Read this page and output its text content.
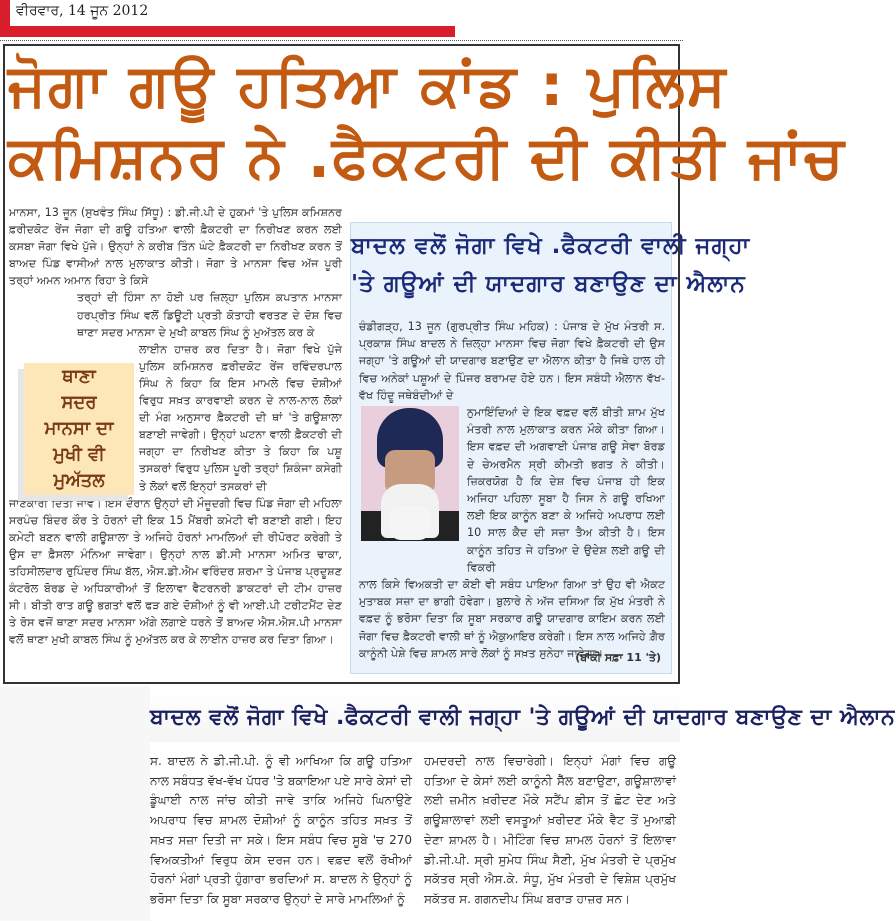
ਵੀਰਵਾਰ, 14 ਜੂਨ 2012
ਜੋਗਾ ਗਊ ਹਤਿਆ ਕਾਂਡ : ਪੁਲਿਸ
ਕਮਿਸ਼ਨਰ ਨੇ .ਫੈਕਟਰੀ ਦੀ ਕੀਤੀ ਜਾਂਚ

ਮਾਨਸਾ, 13 ਜੂਨ (ਸੁਖਵੰਤ ਸਿੰਘ ਸਿੱਧੂ) : ਡੀ.ਜੀ.ਪੀ ਦੇ ਹੁਕਮਾਂ 'ਤੇ ਪੁਲਿਸ ਕਮਿਸ਼ਨਰ ਫ਼ਰੀਦਕੋਟ ਰੇਂਜ ਜੋਗਾ ਦੀ ਗਊ ਹਤਿਆ ਵਾਲੀ ਫ਼ੈਕਟਰੀ ਦਾ ਨਿਰੀਖਣ ਕਰਨ ਲਈ ਕਸਬਾ ਜੋਗਾ ਵਿਖੇ ਪੁੱਜੇ। ਉਨ੍ਹਾਂ ਨੇ ਕਰੀਬ ਤਿੰਨ ਘੰਟੇ ਫ਼ੈਕਟਰੀ ਦਾ ਨਿਰੀਖਣ ਕਰਨ ਤੋਂ ਬਾਅਦ ਪਿੰਡ ਵਾਸੀਆਂ ਨਾਲ ਮੁਲਾਕਾਤ ਕੀਤੀ। ਜੋਗਾ ਤੇ ਮਾਨਸਾ ਵਿਚ ਅੱਜ ਪੂਰੀ ਤਰ੍ਹਾਂ ਅਮਨ ਅਮਾਨ ਰਿਹਾ ਤੇ ਕਿਸੇ

ਤਰ੍ਹਾਂ ਦੀ ਹਿੰਸਾ ਨਾ ਹੋਈ ਪਰ ਜ਼ਿਲ੍ਹਾ ਪੁਲਿਸ ਕਪਤਾਨ ਮਾਨਸਾ ਹਰਪ੍ਰੀਤ ਸਿੰਘ ਵਲੋਂ ਡਿਊਟੀ ਪ੍ਰਤੀ ਕੋਤਾਹੀ ਵਰਤਣ ਦੇ ਦੋਸ਼ ਵਿਚ ਥਾਣਾ ਸਦਰ ਮਾਨਸਾ ਦੇ ਮੁਖੀ ਕਾਬਲ ਸਿੰਘ ਨੂੰ ਮੁਅੱਤਲ ਕਰ ਕੇ

ਲਾਈਨ ਹਾਜ਼ਰ ਕਰ ਦਿਤਾ ਹੈ। ਜੋਗਾ ਵਿਖੇ ਪੁੱਜੇ ਪੁਲਿਸ ਕਮਿਸ਼ਨਰ ਫ਼ਰੀਦਕੋਟ ਰੇਂਜ ਰਵਿੰਦਰਪਾਲ ਸਿੰਘ ਨੇ ਕਿਹਾ ਕਿ ਇਸ ਮਾਮਲੇ ਵਿਚ ਦੋਸ਼ੀਆਂ ਵਿਰੁਧ ਸਖ਼ਤ ਕਾਰਵਾਈ ਕਰਨ ਦੇ ਨਾਲ-ਨਾਲ ਲੋਕਾਂ ਦੀ ਮੰਗ ਅਨੁਸਾਰ ਫ਼ੈਕਟਰੀ ਦੀ ਥਾਂ 'ਤੇ ਗਊਸ਼ਾਲਾ ਬਣਾਈ ਜਾਵੇਗੀ। ਉਨ੍ਹਾਂ ਘਟਨਾ ਵਾਲੀ ਫ਼ੈਕਟਰੀ ਦੀ ਜਗ੍ਹਾ ਦਾ ਨਿਰੀਖਣ ਕੀਤਾ ਤੇ ਕਿਹਾ ਕਿ ਪਸ਼ੂ ਤਸਕਰਾਂ ਵਿਰੁਧ ਪੁਲਿਸ ਪੂਰੀ ਤਰ੍ਹਾਂ ਸ਼ਿਕੰਜਾ ਕਸੇਗੀ ਤੇ ਲੋਕਾਂ ਵਲੋਂ ਇਨ੍ਹਾਂ ਤਸਕਰਾਂ ਦੀ

ਜਾਣਕਾਰੀ ਦਿਤੀ ਜਾਵੇ। ਇਸ ਦੌਰਾਨ ਉਨ੍ਹਾਂ ਦੀ ਮੌਜੂਦਗੀ ਵਿਚ ਪਿੰਡ ਜੋਗਾ ਦੀ ਮਹਿਲਾ ਸਰਪੰਚ ਬਿੰਦਰ ਕੌਰ ਤੇ ਹੋਰਨਾਂ ਦੀ ਇਕ 15 ਮੈਂਬਰੀ ਕਮੇਟੀ ਵੀ ਬਣਾਈ ਗਈ। ਇਹ ਕਮੇਟੀ ਬਣਨ ਵਾਲੀ ਗਊਸ਼ਾਲਾ ਤੇ ਅਜਿਹੇ ਹੋਰਨਾਂ ਮਾਮਲਿਆਂ ਦੀ ਰੀਪੋਰਟ ਕਰੇਗੀ ਤੇ ਉਸ ਦਾ ਫ਼ੈਸਲਾ ਮੰਨਿਆ ਜਾਵੇਗਾ। ਉਨ੍ਹਾਂ ਨਾਲ ਡੀ.ਸੀ ਮਾਨਸਾ ਅਮਿਤ ਢਾਕਾ, ਤਹਿਸੀਲਦਾਰ ਰੁਪਿੰਦਰ ਸਿੰਘ ਬੱਲ, ਐਸ.ਡੀ.ਐਮ ਵਰਿੰਦਰ ਸ਼ਰਮਾ ਤੇ ਪੰਜਾਬ ਪ੍ਰਦੂਸ਼ਣ ਕੰਟਰੋਲ ਬੋਰਡ ਦੇ ਅਧਿਕਾਰੀਆਂ ਤੋਂ ਇਲਾਵਾ ਵੈਟਰਨਰੀ ਡਾਕਟਰਾਂ ਦੀ ਟੀਮ ਹਾਜ਼ਰ ਸੀ। ਬੀਤੀ ਰਾਤ ਗਊ ਭਗਤਾਂ ਵਲੋਂ ਫੜ ਗਏ ਦੋਸ਼ੀਆਂ ਨੂੰ ਵੀ ਆਈ.ਪੀ ਟਰੀਟਮੈਂਟ ਦੇਣ ਤੇ ਰੋਸ ਵਜੋਂ ਥਾਣਾ ਸਦਰ ਮਾਨਸਾ ਅੱਗੇ ਲਗਾਏ ਧਰਨੇ ਤੋਂ ਬਾਅਦ ਐਸ.ਐਸ.ਪੀ ਮਾਨਸਾ ਵਲੋਂ ਥਾਣਾ ਮੁਖੀ ਕਾਬਲ ਸਿੰਘ ਨੂੰ ਮੁਅੱਤਲ ਕਰ ਕੇ ਲਾਈਨ ਹਾਜ਼ਰ ਕਰ ਦਿਤਾ ਗਿਆ।

ਥਾਣਾ
ਸਦਰ
ਮਾਨਸਾ ਦਾ
ਮੁਖੀ ਵੀ
ਮੁਅੱਤਲ
ਬਾਦਲ ਵਲੋਂ ਜੋਗਾ ਵਿਖੇ .ਫੈਕਟਰੀ ਵਾਲੀ ਜਗ੍ਹਾ
'ਤੇ ਗਊਆਂ ਦੀ ਯਾਦਗਾਰ ਬਣਾਉਣ ਦਾ ਐਲਾਨ

ਚੰਡੀਗੜ੍ਹ, 13 ਜੂਨ (ਗੁਰਪ੍ਰੀਤ ਸਿੰਘ ਮਹਿਕ) : ਪੰਜਾਬ ਦੇ ਮੁੱਖ ਮੰਤਰੀ ਸ. ਪ੍ਰਕਾਸ਼ ਸਿੰਘ ਬਾਦਲ ਨੇ ਜ਼ਿਲ੍ਹਾ ਮਾਨਸਾ ਵਿਚ ਜੋਗਾ ਵਿਖੇ ਫ਼ੈਕਟਰੀ ਦੀ ਉਸ ਜਗ੍ਹਾ 'ਤੇ ਗਊਆਂ ਦੀ ਯਾਦਗਾਰ ਬਣਾਉਣ ਦਾ ਐਲਾਨ ਕੀਤਾ ਹੈ ਜਿਥੇ ਹਾਲ ਹੀ ਵਿਚ ਅਨੇਕਾਂ ਪਸ਼ੂਆਂ ਦੇ ਪਿੰਜਰ ਬਰਾਮਦ ਹੋਏ ਹਨ। ਇਸ ਸਬੰਧੀ ਐਲਾਨ ਵੱਖ-ਵੱਖ ਹਿੰਦੂ ਜਥੇਬੰਦੀਆਂ ਦੇ

ਨੁਮਾਇੰਦਿਆਂ ਦੇ ਇਕ ਵਫ਼ਦ ਵਲੋਂ ਬੀਤੀ ਸ਼ਾਮ ਮੁੱਖ ਮੰਤਰੀ ਨਾਲ ਮੁਲਾਕਾਤ ਕਰਨ ਮੌਕੇ ਕੀਤਾ ਗਿਆ। ਇਸ ਵਫ਼ਦ ਦੀ ਅਗਵਾਈ ਪੰਜਾਬ ਗਊ ਸੇਵਾ ਬੋਰਡ ਦੇ ਚੇਅਰਮੈਨ ਸ੍ਰੀ ਕੀਮਤੀ ਭਗਤ ਨੇ ਕੀਤੀ। ਜ਼ਿਕਰਯੋਗ ਹੈ ਕਿ ਦੇਸ਼ ਵਿਚ ਪੰਜਾਬ ਹੀ ਇਕ ਅਜਿਹਾ ਪਹਿਲਾ ਸੂਬਾ ਹੈ ਜਿਸ ਨੇ ਗਊ ਰਖਿਆ ਲਈ ਇਕ ਕਾਨੂੰਨ ਬਣਾ ਕੇ ਅਜਿਹੇ ਅਪਰਾਧ ਲਈ 10 ਸਾਲ ਕੈਦ ਦੀ ਸਜ਼ਾ ਤੈਅ ਕੀਤੀ ਹੈ। ਇਸ ਕਾਨੂੰਨ ਤਹਿਤ ਜੇ ਹਤਿਆ ਦੇ ਉਦੇਸ਼ ਲਈ ਗਊ ਦੀ ਵਿਕਰੀ

ਨਾਲ ਕਿਸੇ ਵਿਅਕਤੀ ਦਾ ਕੋਈ ਵੀ ਸਬੰਧ ਪਾਇਆ ਗਿਆ ਤਾਂ ਉਹ ਵੀ ਐਕਟ ਮੁਤਾਬਕ ਸਜ਼ਾ ਦਾ ਭਾਗੀ ਹੋਵੇਗਾ। ਬੁਲਾਰੇ ਨੇ ਅੱਜ ਦਸਿਆ ਕਿ ਮੁੱਖ ਮੰਤਰੀ ਨੇ ਵਫ਼ਦ ਨੂੰ ਭਰੋਸਾ ਦਿਤਾ ਕਿ ਸੂਬਾ ਸਰਕਾਰ ਗਊ ਯਾਦਗਾਰ ਕਾਇਮ ਕਰਨ ਲਈ ਜੋਗਾ ਵਿਚ ਫ਼ੈਕਟਰੀ ਵਾਲੀ ਥਾਂ ਨੂੰ ਐਕੁਆਇਰ ਕਰੇਗੀ। ਇਸ ਨਾਲ ਅਜਿਹੇ ਗ਼ੈਰ ਕਾਨੂੰਨੀ ਪੇਸ਼ੇ ਵਿਚ ਸ਼ਾਮਲ ਸਾਰੇ ਲੋਕਾਂ ਨੂੰ ਸਖ਼ਤ ਸੁਨੇਹਾ ਜਾਵੇਗਾ।

(ਬਾਕੀ ਸਫ਼ਾ 11 'ਤੇ)
ਬਾਦਲ ਵਲੋਂ ਜੋਗਾ ਵਿਖੇ .ਫੈਕਟਰੀ ਵਾਲੀ ਜਗ੍ਹਾ 'ਤੇ ਗਊਆਂ ਦੀ ਯਾਦਗਾਰ ਬਣਾਉਣ ਦਾ ਐਲਾਨ
ਸ. ਬਾਦਲ ਨੇ ਡੀ.ਜੀ.ਪੀ. ਨੂੰ ਵੀ ਆਖਿਆ ਕਿ ਗਊ ਹਤਿਆ ਨਾਲ ਸਬੰਧਤ ਵੱਖ-ਵੱਖ ਪੱਧਰ 'ਤੇ ਬਕਾਇਆ ਪਏ ਸਾਰੇ ਕੇਸਾਂ ਦੀ ਡੂੰਘਾਈ ਨਾਲ ਜਾਂਚ ਕੀਤੀ ਜਾਵੇ ਤਾਕਿ ਅਜਿਹੇ ਘਿਨਾਉਣੇ ਅਪਰਾਧ ਵਿਚ ਸ਼ਾਮਲ ਦੋਸ਼ੀਆਂ ਨੂੰ ਕਾਨੂੰਨ ਤਹਿਤ ਸਖ਼ਤ ਤੋਂ ਸਖ਼ਤ ਸਜ਼ਾ ਦਿਤੀ ਜਾ ਸਕੇ। ਇਸ ਸਬੰਧ ਵਿਚ ਸੂਬੇ 'ਚ 270 ਵਿਅਕਤੀਆਂ ਵਿਰੁਧ ਕੇਸ ਦਰਜ ਹਨ। ਵਫ਼ਦ ਵਲੋਂ ਰੱਖੀਆਂ ਹੋਰਨਾਂ ਮੰਗਾਂ ਪ੍ਰਤੀ ਹੁੰਗਾਰਾ ਭਰਦਿਆਂ ਸ. ਬਾਦਲ ਨੇ ਉਨ੍ਹਾਂ ਨੂੰ ਭਰੋਸਾ ਦਿਤਾ ਕਿ ਸੂਬਾ ਸਰਕਾਰ ਉਨ੍ਹਾਂ ਦੇ ਸਾਰੇ ਮਾਮਲਿਆਂ ਨੂੰ
ਹਮਦਰਦੀ ਨਾਲ ਵਿਚਾਰੇਗੀ। ਇਨ੍ਹਾਂ ਮੰਗਾਂ ਵਿਚ ਗਊ ਹਤਿਆ ਦੇ ਕੇਸਾਂ ਲਈ ਕਾਨੂੰਨੀ ਸੈੱਲ ਬਣਾਉਣਾ, ਗਊਸ਼ਾਲਾਵਾਂ ਲਈ ਜ਼ਮੀਨ ਖ਼ਰੀਦਣ ਮੌਕੇ ਸਟੈਂਪ ਫ਼ੀਸ ਤੋਂ ਛੋਟ ਦੇਣ ਅਤੇ ਗਊਸ਼ਾਲਾਵਾਂ ਲਈ ਵਸਤੂਆਂ ਖ਼ਰੀਦਣ ਮੌਕੇ ਵੈਟ ਤੋਂ ਮੁਆਫ਼ੀ ਦੇਣਾ ਸ਼ਾਮਲ ਹੈ। ਮੀਟਿੰਗ ਵਿਚ ਸ਼ਾਮਲ ਹੋਰਨਾਂ ਤੋਂ ਇਲਾਵਾ ਡੀ.ਜੀ.ਪੀ. ਸ੍ਰੀ ਸੁਮੇਧ ਸਿੰਘ ਸੈਣੀ, ਮੁੱਖ ਮੰਤਰੀ ਦੇ ਪ੍ਰਮੁੱਖ ਸਕੱਤਰ ਸ੍ਰੀ ਐਸ.ਕੇ. ਸੰਧੂ, ਮੁੱਖ ਮੰਤਰੀ ਦੇ ਵਿਸ਼ੇਸ਼ ਪ੍ਰਮੁੱਖ ਸਕੱਤਰ ਸ. ਗਗਨਦੀਪ ਸਿੰਘ ਬਰਾੜ ਹਾਜ਼ਰ ਸਨ।
